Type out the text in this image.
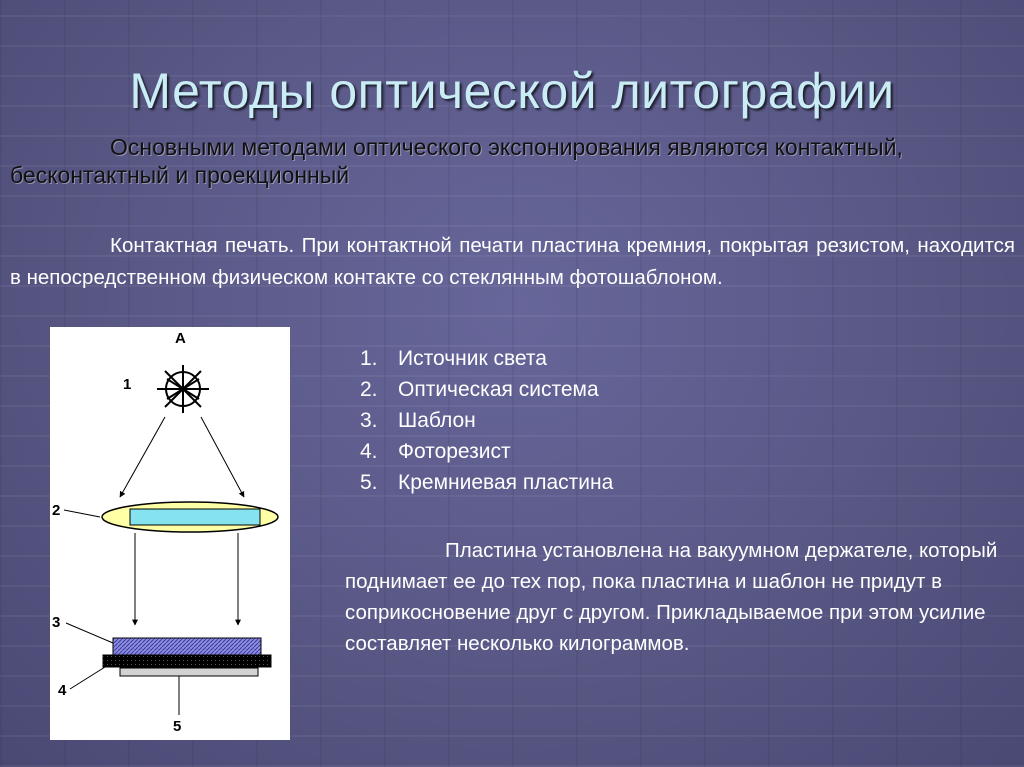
Методы оптической литографии

Основными методами оптического экспонирования являются контактный, бесконтактный и проекционный

Контактная печать. При контактной печати пластина кремния, покрытая резистом, находится в непосредственном физическом контакте со стеклянным фотошаблоном.

А
1
2
3
4
5
1. Источник света
2. Оптическая система
3. Шаблон
4. Фоторезист
5. Кремниевая пластина

Пластина установлена на вакуумном держателе, который поднимает ее до тех пор, пока пластина и шаблон не придут в соприкосновение друг с другом. Прикладываемое при этом усилие составляет несколько килограммов.
